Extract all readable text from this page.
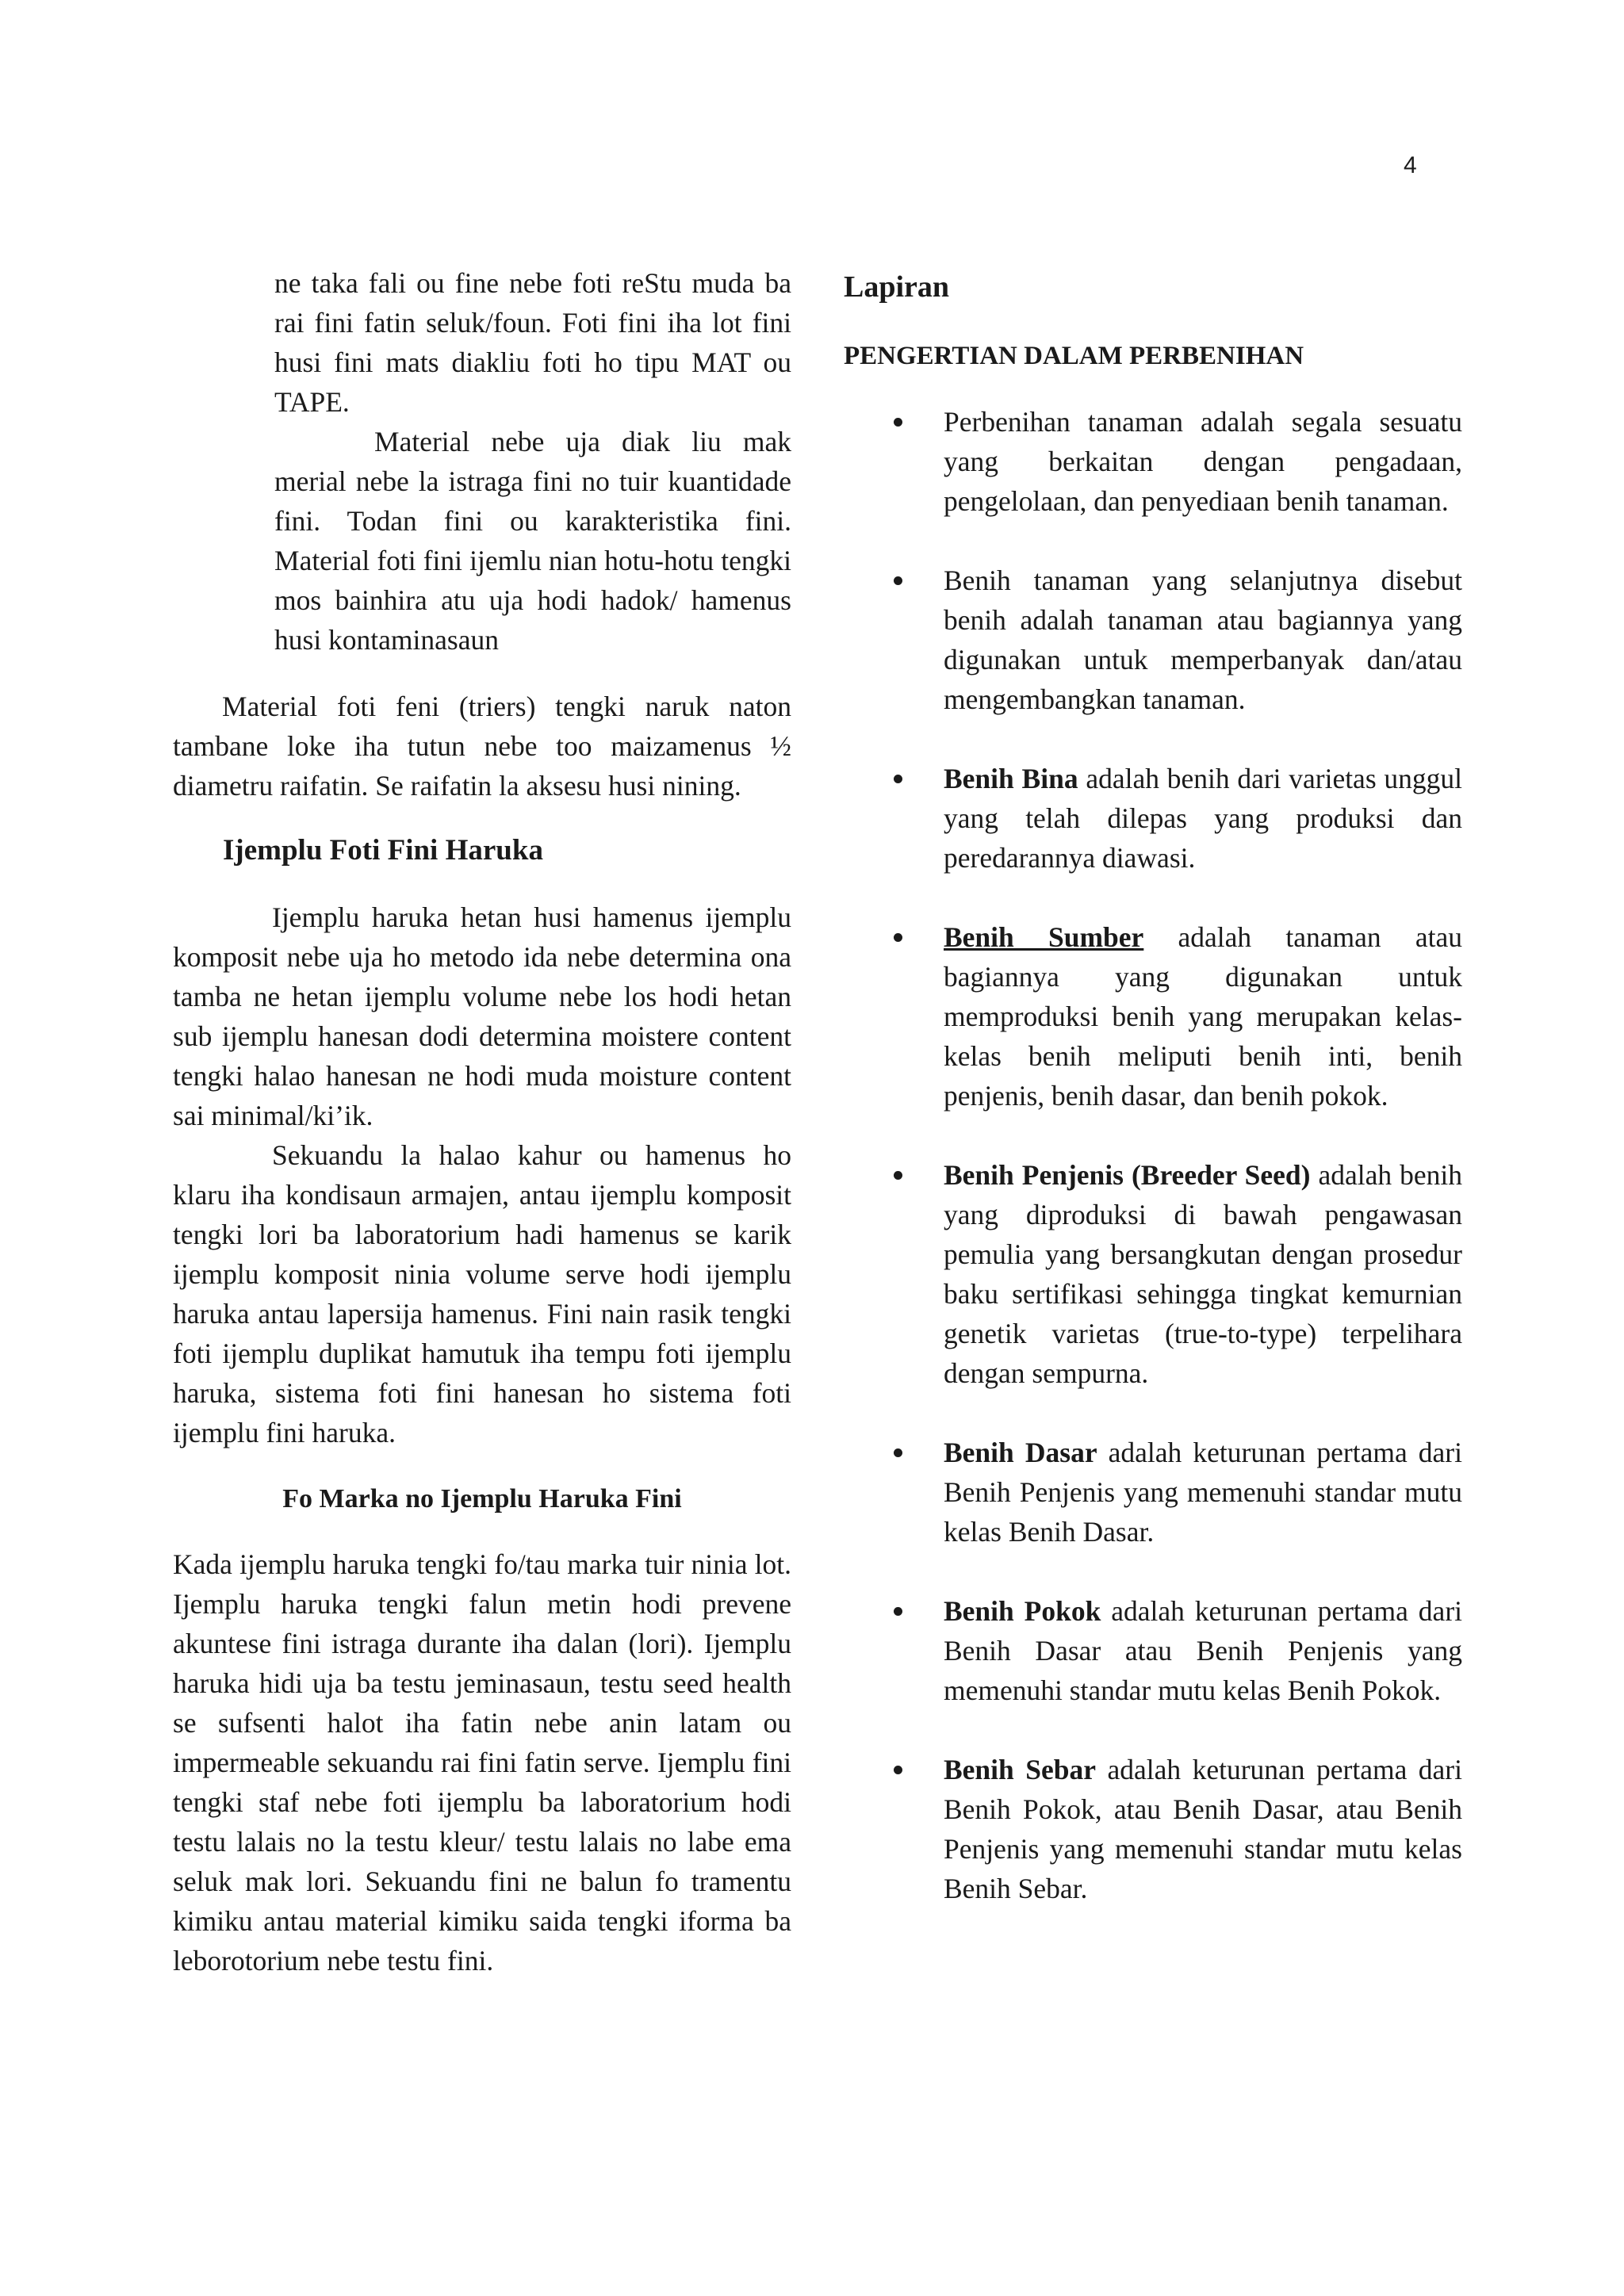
4

ne taka fali ou fine nebe foti reStu muda ba rai fini fatin seluk/foun. Foti fini iha lot fini husi fini mats diakliu foti ho tipu MAT ou TAPE.

Material nebe uja diak liu mak merial nebe la istraga fini no tuir kuantidade fini. Todan fini ou karakteristika fini. Material foti fini ijemlu nian hotu-hotu tengki mos bainhira atu uja hodi hadok/ hamenus husi kontaminasaun

Material foti feni (triers) tengki naruk naton tambane loke iha tutun nebe too maizamenus ½ diametru raifatin. Se raifatin la aksesu husi nining.

Ijemplu Foti Fini Haruka

Ijemplu haruka hetan husi hamenus ijemplu komposit nebe uja ho metodo ida nebe determina ona tamba ne hetan ijemplu volume nebe los hodi hetan sub ijemplu hanesan dodi determina moistere content tengki halao hanesan ne hodi muda moisture content sai minimal/ki’ik.

Sekuandu la halao kahur ou hamenus ho klaru iha kondisaun armajen, antau ijemplu komposit tengki lori ba laboratorium hadi hamenus se karik ijemplu komposit ninia volume serve hodi ijemplu haruka antau lapersija hamenus. Fini nain rasik tengki foti ijemplu duplikat hamutuk iha tempu foti ijemplu haruka, sistema foti fini hanesan ho sistema foti ijemplu fini haruka.

Fo Marka no Ijemplu Haruka Fini

Kada ijemplu haruka tengki fo/tau marka tuir ninia lot. Ijemplu haruka tengki falun metin hodi prevene akuntese fini istraga durante iha dalan (lori). Ijemplu haruka hidi uja ba testu jeminasaun, testu seed health se sufsenti halot iha fatin nebe anin latam ou impermeable sekuandu rai fini fatin serve. Ijemplu fini tengki staf nebe foti ijemplu ba laboratorium hodi testu lalais no la testu kleur/ testu lalais no labe ema seluk mak lori. Sekuandu fini ne balun fo tramentu kimiku antau material kimiku saida tengki iforma ba leborotorium nebe testu fini.

Lapiran
PENGERTIAN DALAM PERBENIHAN

Perbenihan tanaman adalah segala sesuatu yang berkaitan dengan pengadaan, pengelolaan, dan penyediaan benih tanaman.

Benih tanaman yang selanjutnya disebut benih adalah tanaman atau bagiannya yang digunakan untuk memperbanyak dan/atau mengembangkan tanaman.

Benih Bina adalah benih dari varietas unggul yang telah dilepas yang produksi dan peredarannya diawasi.

Benih Sumber adalah tanaman atau bagiannya yang digunakan untuk memproduksi benih yang merupakan kelas-kelas benih meliputi benih inti, benih penjenis, benih dasar, dan benih pokok.

Benih Penjenis (Breeder Seed) adalah benih yang diproduksi di bawah pengawasan pemulia yang bersangkutan dengan prosedur baku sertifikasi sehingga tingkat kemurnian genetik varietas (true-to-type) terpelihara dengan sempurna.

Benih Dasar adalah keturunan pertama dari Benih Penjenis yang memenuhi standar mutu kelas Benih Dasar.

Benih Pokok adalah keturunan pertama dari Benih Dasar atau Benih Penjenis yang memenuhi standar mutu kelas Benih Pokok.

Benih Sebar adalah keturunan pertama dari Benih Pokok, atau Benih Dasar, atau Benih Penjenis yang memenuhi standar mutu kelas Benih Sebar.
